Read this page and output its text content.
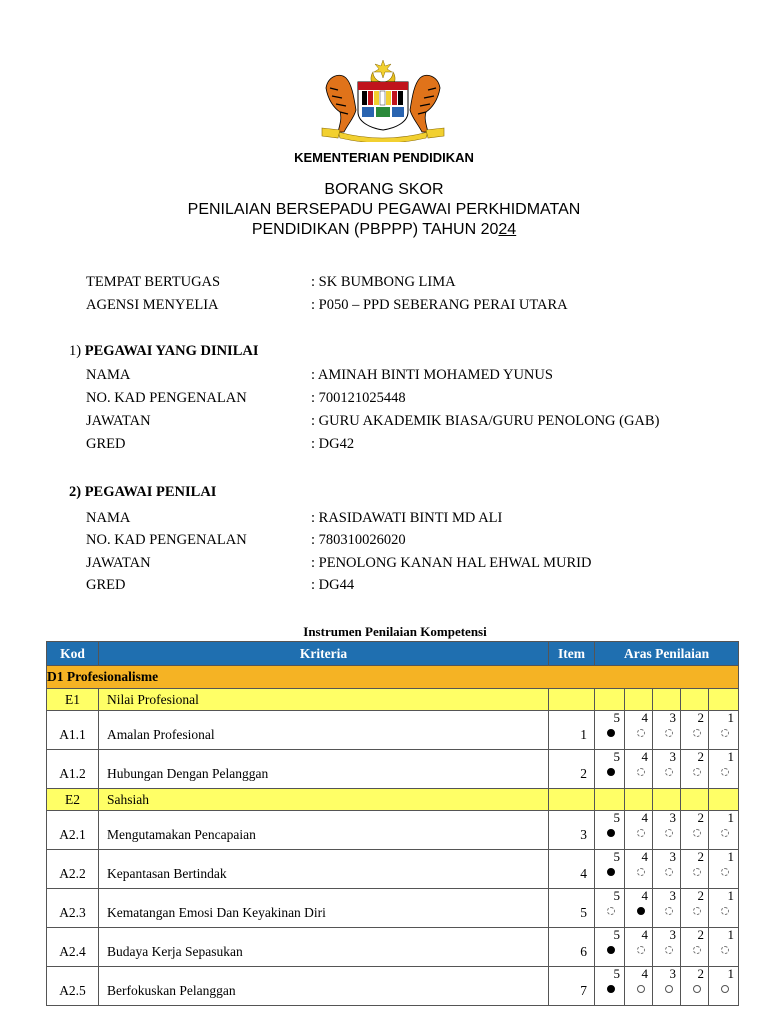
KEMENTERIAN PENDIDIKAN
BORANG SKOR
PENILAIAN BERSEPADU PEGAWAI PERKHIDMATAN
PENDIDIKAN (PBPPP) TAHUN 2024
TEMPAT BERTUGAS	: SK BUMBONG LIMA
AGENSI MENYELIA	: P050 – PPD SEBERANG PERAI UTARA
1) PEGAWAI YANG DINILAI
NAMA	: AMINAH BINTI MOHAMED YUNUS
NO. KAD PENGENALAN	: 700121025448
JAWATAN	: GURU AKADEMIK BIASA/GURU PENOLONG (GAB)
GRED	: DG42
2) PEGAWAI PENILAI
NAMA	: RASIDAWATI BINTI MD ALI
NO. KAD PENGENALAN	: 780310026020
JAWATAN	: PENOLONG KANAN HAL EHWAL MURID
GRED	: DG44
Instrumen Penilaian Kompetensi
Kod	Kriteria	Item	Aras Penilaian				
D1 Profesionalisme							
E1	Nilai Profesional						
A1.1	Amalan Profesional	1	5	4	3	2	1

A1.2	Hubungan Dengan Pelanggan	2	5	4	3	2	1

E2	Sahsiah						
A2.1	Mengutamakan Pencapaian	3	5	4	3	2	1

A2.2	Kepantasan Bertindak	4	5	4	3	2	1

A2.3	Kematangan Emosi Dan Keyakinan Diri	5	5	4	3	2	1

A2.4	Budaya Kerja Sepasukan	6	5	4	3	2	1

A2.5	Berfokuskan Pelanggan	7	5	4	3	2	1
